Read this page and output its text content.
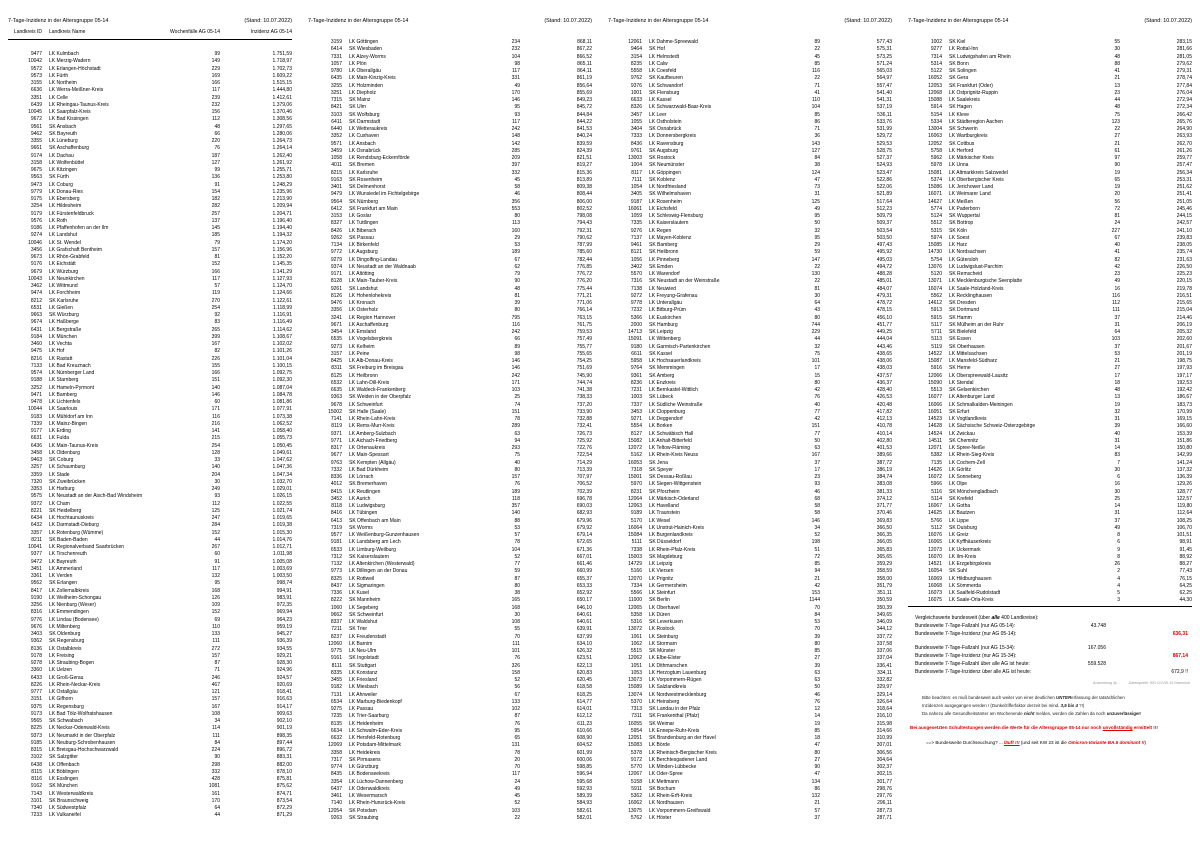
7-Tage-Inzidenz in der Altersgruppe 05-14	(Stand: 10.07.2022)
Landkreis ID Landkreis Name	Wochenfälle AG 05-14	Inzidenz AG 05-14
9477 LK Kulmbach	99	1.751,59
10042 LK Merzig-Wadern	149	1.718,97
9572 LK Erlangen-Höchstadt	229	1.702,73
9573 LK Fürth	169	1.609,22
3155 LK Northeim	166	1.515,15
6636 LK Werra-Meißner-Kreis	117	1.444,80
3351 LK Celle	239	1.412,61
6439 LK Rheingau-Taunus-Kreis	232	1.379,06
10045 LK Saarpfalz-Kreis	156	1.370,46
9672 LK Bad Kissingen	112	1.308,56
9561 SK Ansbach	48	1.297,65
9462 SK Bayreuth	66	1.280,06
3355 LK Lüneburg	220	1.264,73
9661 SK Aschaffenburg	76	1.264,14
9174 LK Dachau	187	1.262,40
3158 LK Wolfenbüttel	127	1.261,92
9675 LK Kitzingen	99	1.255,71
9563 SK Fürth	136	1.253,80
9473 LK Coburg	91	1.248,29
9779 LK Donau-Ries	154	1.235,96
9175 LK Ebersberg	182	1.213,90
3254 LK Hildesheim	282	1.209,94
9179 LK Fürstenfeldbruck	257	1.204,71
9576 LK Roth	137	1.196,40
9186 LK Pfaffenhofen an der Ilm	145	1.194,40
9274 LK Landshut	185	1.194,32
10046 LK St. Wendel	79	1.174,20
3456 LK Grafschaft Bentheim	157	1.156,96
9673 LK Rhön-Grabfeld	81	1.152,20
9176 LK Eichstätt	152	1.145,35
9679 LK Würzburg	166	1.141,29
10043 LK Neunkirchen	117	1.127,93
3462 LK Wittmund	57	1.124,70
9474 LK Forchheim	119	1.124,66
8212 SK Karlsruhe	270	1.122,61
6531 LK Gießen	254	1.118,99
9663 SK Würzburg	92	1.116,91
9674 LK Haßberge	83	1.116,49
6431 LK Bergstraße	265	1.114,62
9184 LK München	399	1.108,67
3460 LK Vechta	167	1.102,02
9475 LK Hof	82	1.101,26
8216 LK Rastatt	226	1.101,04
7133 LK Bad Kreuznach	155	1.100,15
9574 LK Nürnberger Land	166	1.092,75
9188 LK Starnberg	151	1.092,30
3252 LK Hameln-Pyrmont	140	1.087,04
9471 LK Bamberg	146	1.084,78
9478 LK Lichtenfels	60	1.081,86
10044 LK Saarlouis	171	1.077,91
9183 LK Mühldorf am Inn	116	1.073,38
7339 LK Mainz-Bingen	216	1.062,52
9177 LK Erding	141	1.058,40
6631 LK Fulda	215	1.055,73
6436 LK Main-Taunus-Kreis	254	1.050,45
3458 LK Oldenburg	128	1.049,61
9463 SK Coburg	33	1.047,62
3257 LK Schaumburg	140	1.047,36
3359 LK Stade	204	1.047,34
7320 SK Zweibrücken	30	1.032,70
3353 LK Harburg	249	1.029,01
9575 LK Neustadt an der Aisch-Bad Windsheim	93	1.026,15
9372 LK Cham	112	1.022,55
8221 SK Heidelberg	125	1.021,74
6434 LK Hochtaunuskreis	247	1.019,65
6432 LK Darmstadt-Dieburg	284	1.019,38
3357 LK Rotenburg (Wümme)	152	1.015,30
8211 SK Baden-Baden	44	1.014,76
10041 LK Regionalverband Saarbrücken	267	1.012,71
9377 LK Tirschenreuth	60	1.011,98
9472 LK Bayreuth	91	1.005,08
3451 LK Ammerland	117	1.003,69
3361 LK Verden	132	1.003,50
9562 SK Erlangen	95	998,74
8417 LK Zollernalbkreis	168	994,91
9190 LK Weilheim-Schongau	126	983,91
3256 LK Nienburg (Weser)	109	972,35
8316 LK Emmendingen	152	969,94
9776 LK Lindau (Bodensee)	69	964,23
9676 LK Miltenberg	110	959,19
3403 SK Oldenburg	133	945,27
9362 SK Regensburg	111	936,39
8136 LK Ostalbkreis	272	934,55
9178 LK Freising	157	929,21
9278 LK Straubing-Bogen	87	928,30
3360 LK Uelzen	71	924,96
6433 LK Groß-Gerau	246	924,57
8226 LK Rhein-Neckar-Kreis	467	920,69
9777 LK Ostallgäu	121	918,41
3151 LK Gifhorn	157	916,63
9375 LK Regensburg	167	914,17
9173 LK Bad Tölz-Wolfratshausen	108	909,63
9565 SK Schwabach	34	902,10
8225 LK Neckar-Odenwald-Kreis	114	901,19
9373 LK Neumarkt in der Oberpfalz	111	898,35
9185 LK Neuburg-Schrobenhausen	84	897,44
8315 LK Breisgau-Hochschwarzwald	224	896,72
3102 SK Salzgitter	90	883,31
6438 LK Offenbach	298	882,00
8115 LK Böblingen	332	878,10
8116 LK Esslingen	428	875,81
9162 SK München	1081	875,62
7143 LK Westerwaldkreis	161	874,71
3101 SK Braunschweig	170	873,54
7340 LK Südwestpfalz	64	872,29
7233 LK Vulkaneifel	44	871,29
7-Tage-Inzidenz in der Altersgruppe 05-14	(Stand: 10.07.2022)
3159 LK Göttingen	234	868,11
6414 SK Wiesbaden	232	867,22
7331 LK Alzey-Worms	104	866,52
1057 LK Plön	98	865,11
9780 LK Oberallgäu	117	864,11
6435 LK Main-Kinzig-Kreis	331	861,19
3255 LK Holzminden	49	856,64
3251 LK Diepholz	170	855,69
7315 SK Mainz	146	849,23
8421 SK Ulm	95	845,72
3103 SK Wolfsburg	93	844,84
6411 SK Darmstadt	117	844,22
6440 LK Wetteraukreis	242	841,53
3352 LK Cuxhaven	148	840,24
9571 LK Ansbach	142	839,59
3459 LK Osnabrück	285	824,39
1058 LK Rendsburg-Eckernförde	209	821,51
4011 SK Bremen	397	819,27
8215 LK Karlsruhe	332	815,36
9163 SK Rosenheim	45	813,89
3401 SK Delmenhorst	58	809,38
9479 LK Wunsiedel im Fichtelgebirge	46	808,44
9564 SK Nürnberg	356	806,00
6412 SK Frankfurt am Main	553	802,52
3153 LK Goslar	80	798,08
8327 LK Tuttlingen	113	794,43
8426 LK Biberach	160	792,31
9262 SK Passau	29	790,62
7134 LK Birkenfeld	53	787,99
9772 LK Augsburg	189	785,60
9279 LK Dingolfing-Landau	67	782,44
9374 LK Neustadt an der Waldnaab	62	776,85
9171 LK Altötting	79	776,72
8128 LK Main-Tauber-Kreis	90	776,20
9261 SK Landshut	48	775,44
8126 LK Hohenlohekreis	81	771,21
9476 LK Kronach	39	771,06
3356 LK Osterholz	80	766,14
3241 LK Region Hannover	795	763,15
9671 LK Aschaffenburg	116	761,75
3454 LK Emsland	242	759,53
6535 LK Vogelsbergkreis	66	757,49
9273 LK Kelheim	89	755,77
3157 LK Peine	98	755,65
8425 LK Alb-Donau-Kreis	146	754,25
8311 SK Freiburg im Breisgau	146	751,69
8125 LK Heilbronn	242	745,90
6532 LK Lahn-Dill-Kreis	171	744,74
6635 LK Waldeck-Frankenberg	103	741,38
9363 SK Weiden in der Oberpfalz	25	738,33
9678 LK Schweinfurt	74	737,20
15002 SK Halle (Saale)	151	733,90
7141 LK Rhein-Lahn-Kreis	78	732,88
8119 LK Rems-Murr-Kreis	289	732,41
9371 LK Amberg-Sulzbach	63	726,73
9771 LK Aichach-Friedberg	94	725,92
8317 LK Ortenaukreis	293	722,76
9677 LK Main-Spessart	75	722,54
9763 SK Kempten (Allgäu)	40	714,29
7332 LK Bad Dürkheim	80	713,39
8336 LK Lörrach	157	707,97
4012 SK Bremerhaven	76	706,52
8415 LK Reutlingen	189	702,39
3452 LK Aurich	118	696,78
8118 LK Ludwigsburg	357	690,03
8416 LK Tübingen	140	682,93
6413 SK Offenbach am Main	88	679,96
7319 SK Worms	53	679,92
9577 LK Weißenburg-Gunzenhausen	57	679,14
9181 LK Landsberg am Lech	78	672,65
6533 LK Limburg-Weilburg	104	671,36
7312 SK Kaiserslautern	52	667,01
7132 LK Altenkirchen (Westerwald)	77	661,46
9773 LK Dillingen an der Donau	59	660,99
8325 LK Rottweil	87	655,37
8437 LK Sigmaringen	80	653,33
7336 LK Kusel	38	652,92
8222 SK Mannheim	165	650,17
1060 LK Segeberg	168	646,10
9662 SK Schweinfurt	30	640,61
8337 LK Waldshut	108	640,61
7211 SK Trier	55	639,91
8237 LK Freudenstadt	70	637,99
12060 LK Barnim	111	634,10
9775 LK Neu-Ulm	101	626,32
9161 SK Ingolstadt	76	623,51
8111 SK Stuttgart	326	622,13
8335 LK Konstanz	158	620,83
3455 LK Friesland	52	620,45
9182 LK Miesbach	56	618,58
7131 LK Ahrweiler	67	618,25
6534 LK Marburg-Biedenkopf	133	614,77
9275 LK Passau	102	614,01
7235 LK Trier-Saarburg	87	612,12
8135 LK Heidenheim	76	611,23
6634 LK Schwalm-Eder-Kreis	95	610,66
6632 LK Hersfeld-Rotenburg	65	608,90
12069 LK Potsdam-Mittelmark	131	604,52
3358 LK Heidekreis	78	601,99
7317 SK Pirmasens	20	600,06
9774 LK Günzburg	70	598,85
8435 LK Bodenseekreis	117	596,94
3354 LK Lüchow-Dannenberg	24	595,68
6437 LK Odenwaldkreis	49	592,93
3461 LK Wesermarsch	45	589,39
7140 LK Rhein-Hunsrück-Kreis	52	584,93
12054 SK Potsdam	103	582,61
9263 SK Straubing	22	582,01
7-Tage-Inzidenz in der Altersgruppe 05-14	(Stand: 10.07.2022)
12061 LK Dahme-Spreewald	89	577,43
9464 SK Hof	22	575,31
3154 LK Helmstedt	45	573,25
8235 LK Calw	85	571,24
5558 LK Coesfeld	116	565,03
9762 SK Kaufbeuren	22	564,97
9376 LK Schwandorf	71	557,47
1001 SK Flensburg	41	541,40
6633 LK Kassel	110	541,31
8326 LK Schwarzwald-Baar-Kreis	104	537,19
3457 LK Leer	85	536,11
1055 LK Ostholstein	86	533,76
3404 SK Osnabrück	71	531,99
7333 LK Donnersbergkreis	36	529,72
8436 LK Ravensburg	143	529,53
9761 SK Augsburg	127	528,75
13003 SK Rostock	84	527,37
1004 SK Neumünster	38	524,93
8117 LK Göppingen	124	523,47
7111 SK Koblenz	47	522,86
1054 LK Nordfriesland	73	522,06
3405 SK Wilhelmshaven	31	521,89
9187 LK Rosenheim	125	517,64
16061 LK Eichsfeld	49	512,23
1059 LK Schleswig-Flensburg	95	509,79
7335 LK Kaiserslautern	50	509,37
9276 LK Regen	32	503,54
7137 LK Mayen-Koblenz	95	503,50
9461 SK Bamberg	29	497,43
8121 SK Heilbronn	59	495,92
1056 LK Pinneberg	147	495,03
3402 SK Emden	22	494,72
5570 LK Warendorf	130	488,28
7316 SK Neustadt an der Weinstraße	22	485,01
7138 LK Neuwied	81	484,07
9272 LK Freyung-Grafenau	30	479,31
9778 LK Unterallgäu	64	478,72
7232 LK Bitburg-Prüm	43	478,15
5366 LK Euskirchen	80	456,10
2000 SK Hamburg	744	451,77
14713 SK Leipzig	229	449,25
15091 LK Wittenberg	44	444,04
9180 LK Garmisch-Partenkirchen	32	443,46
6611 SK Kassel	75	438,65
5958 LK Hochsauerlandkreis	101	438,06
9764 SK Memmingen	17	438,03
9361 SK Amberg	15	437,57
8236 LK Enzkreis	80	436,37
7231 LK Bernkastel-Wittlich	42	428,40
1003 SK Lübeck	76	426,53
7337 LK Südliche Weinstraße	40	420,48
3453 LK Cloppenburg	77	417,82
9271 LK Deggendorf	42	412,13
5554 LK Borken	151	410,78
8127 LK Schwäbisch Hall	77	410,14
15082 LK Anhalt-Bitterfeld	50	402,80
12072 LK Teltow-Fläming	63	401,53
5162 LK Rhein-Kreis Neuss	167	389,66
16053 SK Jena	37	387,72
7318 SK Speyer	17	386,19
15001 SK Dessau-Roßlau	23	384,74
5970 LK Siegen-Wittgenstein	93	383,08
8231 SK Pforzheim	46	381,33
12064 LK Märkisch-Oderland	68	374,12
12063 LK Havelland	58	371,77
9189 LK Traunstein	58	370,46
5170 LK Wesel	146	369,83
16064 LK Unstrut-Hainich-Kreis	34	366,50
15084 LK Burgenlandkreis	52	366,35
5111 SK Düsseldorf	198	366,05
7338 LK Rhein-Pfalz-Kreis	51	365,83
15003 SK Magdeburg	72	365,65
14729 LK Leipzig	85	359,29
5166 LK Viersen	94	358,59
12070 LK Prignitz	21	358,00
7334 LK Germersheim	42	351,79
5566 LK Steinfurt	153	351,11
11000 SK Berlin	1144	350,59
12065 LK Oberhavel	70	350,39
5358 LK Düren	84	349,65
5316 SK Leverkusen	53	346,09
13072 LK Rostock	70	344,12
1061 LK Steinburg	39	337,72
1062 LK Stormarn	80	337,58
5515 SK Münster	85	337,06
12062 LK Elbe-Elster	27	337,04
1051 LK Dithmarschen	39	336,41
1053 LK Herzogtum Lauenburg	63	334,11
13073 LK Vorpommern-Rügen	63	332,82
15089 LK Salzlandkreis	50	329,97
13074 LK Nordwestmecklenburg	46	329,14
5370 LK Heinsberg	76	326,64
7313 SK Landau in der Pfalz	12	318,64
7311 SK Frankenthal (Pfalz)	14	316,10
16055 SK Weimar	19	315,98
5954 LK Ennepe-Ruhr-Kreis	85	314,66
12051 SK Brandenburg an der Havel	18	310,99
15083 LK Börde	47	307,01
5378 LK Rheinisch-Bergischer Kreis	80	306,56
9172 LK Berchtesgadener Land	27	304,64
5770 LK Minden-Lübbecke	90	302,37
12067 LK Oder-Spree	47	302,15
5158 LK Mettmann	134	301,77
5911 SK Bochum	86	298,76
5362 LK Rhein-Erft-Kreis	132	297,76
16062 LK Nordhausen	21	296,11
13075 LK Vorpommern-Greifswald	57	287,73
5762 LK Höxter	37	287,71
7-Tage-Inzidenz in der Altersgruppe 05-14	(Stand: 10.07.2022)
1002 SK Kiel	55	283,15
9277 LK Rottal-Inn	30	281,66
7314 SK Ludwigshafen am Rhein	48	281,05
5314 SK Bonn	88	279,62
5122 SK Solingen	41	279,31
16052 SK Gera	21	278,74
12053 SK Frankfurt (Oder)	13	277,84
12068 LK Ostprignitz-Ruppin	23	276,04
15088 LK Saalekreis	44	272,94
5914 SK Hagen	48	272,34
5154 LK Kleve	75	266,42
5334 LK Städteregion Aachen	123	265,76
13004 SK Schwerin	22	264,90
16063 LK Wartburgkreis	27	263,93
12052 SK Cottbus	21	262,70
5758 LK Herford	61	261,26
5962 LK Märkischer Kreis	97	259,77
5978 LK Unna	90	257,47
15081 LK Altmarkkreis Salzwedel	19	256,34
5374 LK Oberbergischer Kreis	65	253,31
15086 LK Jerichower Land	19	251,62
16071 LK Weimarer Land	20	251,41
14627 LK Meißen	56	251,05
5774 LK Paderborn	72	245,46
5124 SK Wuppertal	81	244,15
5512 SK Bottrop	24	242,57
5315 SK Köln	227	241,10
5974 LK Soest	67	239,83
15085 LK Harz	40	238,05
14730 LK Nordsachsen	41	235,74
5754 LK Gütersloh	82	231,63
13076 LK Ludwigslust-Parchim	42	226,50
5120 SK Remscheid	23	225,23
13071 LK Mecklenburgische Seenplatte	49	220,15
16074 LK Saale-Holzland-Kreis	16	219,78
5562 LK Recklinghausen	116	216,51
14612 SK Dresden	112	215,65
5913 SK Dortmund	111	215,04
5915 SK Hamm	37	214,46
5117 SK Mülheim an der Ruhr	31	206,19
5711 SK Bielefeld	64	205,32
5113 SK Essen	103	202,60
5119 SK Oberhausen	37	201,67
14522 LK Mittelsachsen	53	201,19
15087 LK Mansfeld-Südharz	21	198,75
5916 SK Herne	27	197,93
12066 LK Oberspreewald-Lausitz	17	197,17
15090 LK Stendal	18	192,53
5513 SK Gelsenkirchen	48	192,42
16077 LK Altenburger Land	13	186,67
16066 LK Schmalkalden-Meiningen	19	183,73
16051 SK Erfurt	32	170,99
14523 LK Vogtlandkreis	31	169,15
14628 LK Sächsische Schweiz-Osterzgebirge	39	166,60
14524 LK Zwickau	40	153,39
14511 SK Chemnitz	31	151,86
12071 LK Spree-Neiße	14	150,80
5382 LK Rhein-Sieg-Kreis	83	142,99
7135 LK Cochem-Zell	7	141,24
14626 LK Görlitz	30	137,32
16072 LK Sonneberg	6	136,39
5966 LK Olpe	16	129,26
5116 SK Mönchengladbach	30	128,77
5114 SK Krefeld	25	122,57
16067 LK Gotha	14	119,80
14625 LK Bautzen	31	112,64
5766 LK Lippe	37	108,25
5112 SK Duisburg	49	106,70
16076 LK Greiz	8	101,51
16065 LK Kyffhäuserkreis	6	98,91
12073 LK Uckermark	9	91,45
16070 LK Ilm-Kreis	8	88,92
14521 LK Erzgebirgskreis	26	88,27
16054 SK Suhl	2	77,43
16069 LK Hildburghausen	4	76,15
16068 LK Sömmerda	4	64,25
16073 LK Saalfeld-Rudolstadt	5	62,25
16075 LK Saale-Orla-Kreis	3	44,30
Vergleichswerte bundesweit (über alle 400 Landkreise):
Bundesweite 7-Tage-Fallzahl (nur AG 05-14):	43.748
Bundesweite 7-Tage-Inzidenz (nur AG 05-14):	636,31
Bundesweite 7-Tage-Fallzahl (nur AG 15-34):	167.056
Bundesweite 7-Tage-Inzidenz (nur AG 15-34):	867,14
Bundesweite 7-Tage-Fallzahl über alle AG ist heute:	559.528
Bundesweite 7-Tage-Inzidenz über alle AG ist heute:	672,9 !!
Auswertung @...	Datenquelle: RKI COVID-19 Datenhub
Bitte beachten: es muß bundesweit auch weiter von einer deutlichen UNTERerfassung der tatsächlichen
Inzidenzen ausgegangen werden ! (Dunkelzifferfaktor derzeit bei mind. 3,5 bis 4 ?!)
Da nahezu alle Gesundheitsämter am Wochenende nicht melden, werden die Zahlen da noch unzuverlässiger!
Bei ausgesetzten Schultestungen werden die Werte für die Altersgruppe 05-14 nur noch unvollständig ermittelt !!!
==> Bundesweite Durchseuchung? ... läuft !!! (und seit KW 23 ist die Omicron-Variante BA.5 dominant !!)
